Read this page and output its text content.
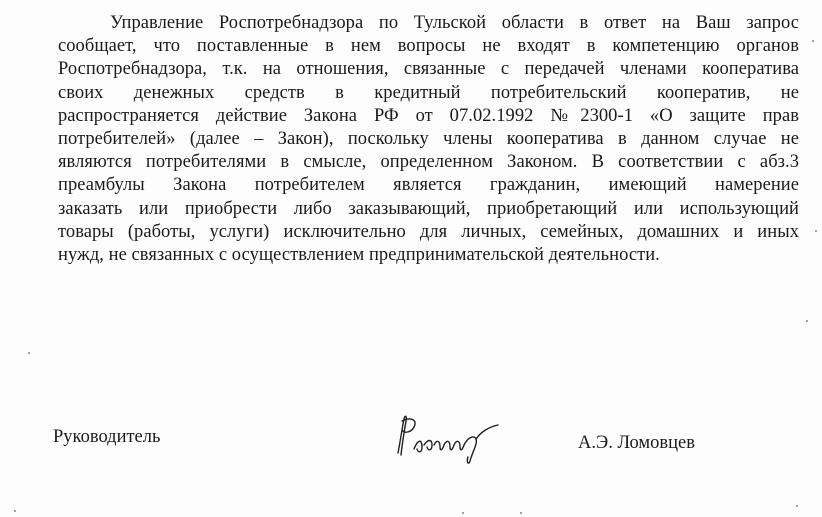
Управление Роспотребнадзора по Тульской области в ответ на Ваш запрос
сообщает, что поставленные в нем вопросы не входят в компетенцию органов
Роспотребнадзора, т.к. на отношения, связанные с передачей членами кооператива
своих денежных средств в кредитный потребительский кооператив, не
распространяется действие Закона РФ от 07.02.1992 №2300-1 «О защите прав
потребителей» (далее – Закон), поскольку члены кооператива в данном случае не
являются потребителями в смысле, определенном Законом. В соответствии с абз.3
преамбулы Закона потребителем является гражданин, имеющий намерение
заказать или приобрести либо заказывающий, приобретающий или использующий
товары (работы, услуги) исключительно для личных, семейных, домашних и иных
нужд, не связанных с осуществлением предпринимательской деятельности.
Руководитель	А.Э. Ломовцев
